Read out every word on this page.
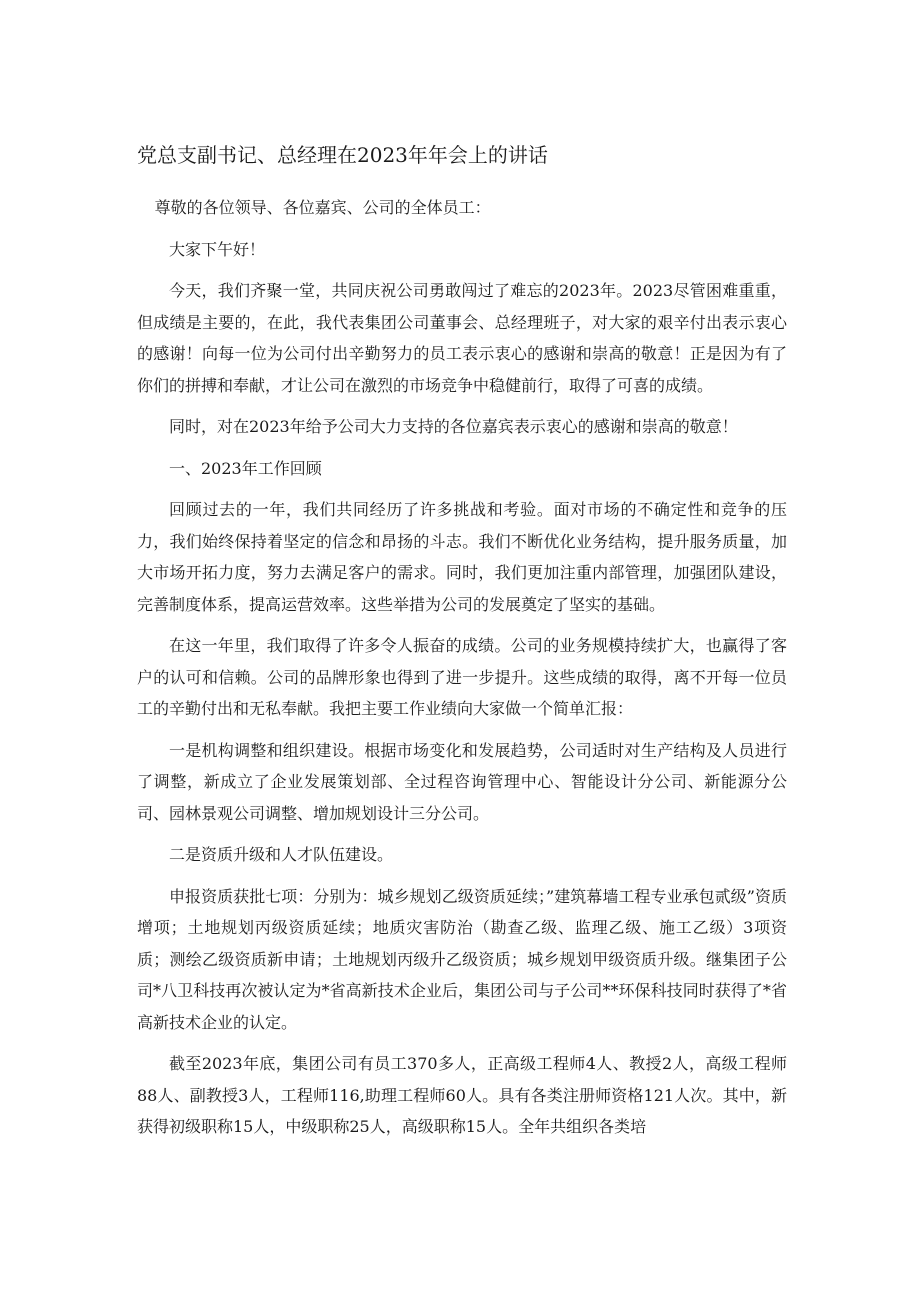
党总支副书记、总经理在2023年年会上的讲话

尊敬的各位领导、各位嘉宾、公司的全体员工：

大家下午好！

今天，我们齐聚一堂，共同庆祝公司勇敢闯过了难忘的2023年。2023尽管困难重重，但成绩是主要的，在此，我代表集团公司董事会、总经理班子，对大家的艰辛付出表示衷心的感谢！向每一位为公司付出辛勤努力的员工表示衷心的感谢和崇高的敬意！正是因为有了你们的拼搏和奉献，才让公司在激烈的市场竞争中稳健前行，取得了可喜的成绩。

同时，对在2023年给予公司大力支持的各位嘉宾表示衷心的感谢和崇高的敬意！

一、2023年工作回顾

回顾过去的一年，我们共同经历了许多挑战和考验。面对市场的不确定性和竞争的压力，我们始终保持着坚定的信念和昂扬的斗志。我们不断优化业务结构，提升服务质量，加大市场开拓力度，努力去满足客户的需求。同时，我们更加注重内部管理，加强团队建设，完善制度体系，提高运营效率。这些举措为公司的发展奠定了坚实的基础。

在这一年里，我们取得了许多令人振奋的成绩。公司的业务规模持续扩大，也赢得了客户的认可和信赖。公司的品牌形象也得到了进一步提升。这些成绩的取得，离不开每一位员工的辛勤付出和无私奉献。我把主要工作业绩向大家做一个简单汇报：

一是机构调整和组织建设。根据市场变化和发展趋势，公司适时对生产结构及人员进行了调整，新成立了企业发展策划部、全过程咨询管理中心、智能设计分公司、新能源分公司、园林景观公司调整、增加规划设计三分公司。

二是资质升级和人才队伍建设。

申报资质获批七项：分别为：城乡规划乙级资质延续；”建筑幕墙工程专业承包贰级”资质增项；土地规划丙级资质延续；地质灾害防治（勘查乙级、监理乙级、施工乙级）3项资质；测绘乙级资质新申请；土地规划丙级升乙级资质；城乡规划甲级资质升级。继集团子公司*八卫科技再次被认定为*省高新技术企业后，集团公司与子公司**环保科技同时获得了*省高新技术企业的认定。

截至2023年底，集团公司有员工370多人，正高级工程师4人、教授2人，高级工程师88人、副教授3人，工程师116,助理工程师60人。具有各类注册师资格121人次。其中，新获得初级职称15人，中级职称25人，高级职称15人。全年共组织各类培
